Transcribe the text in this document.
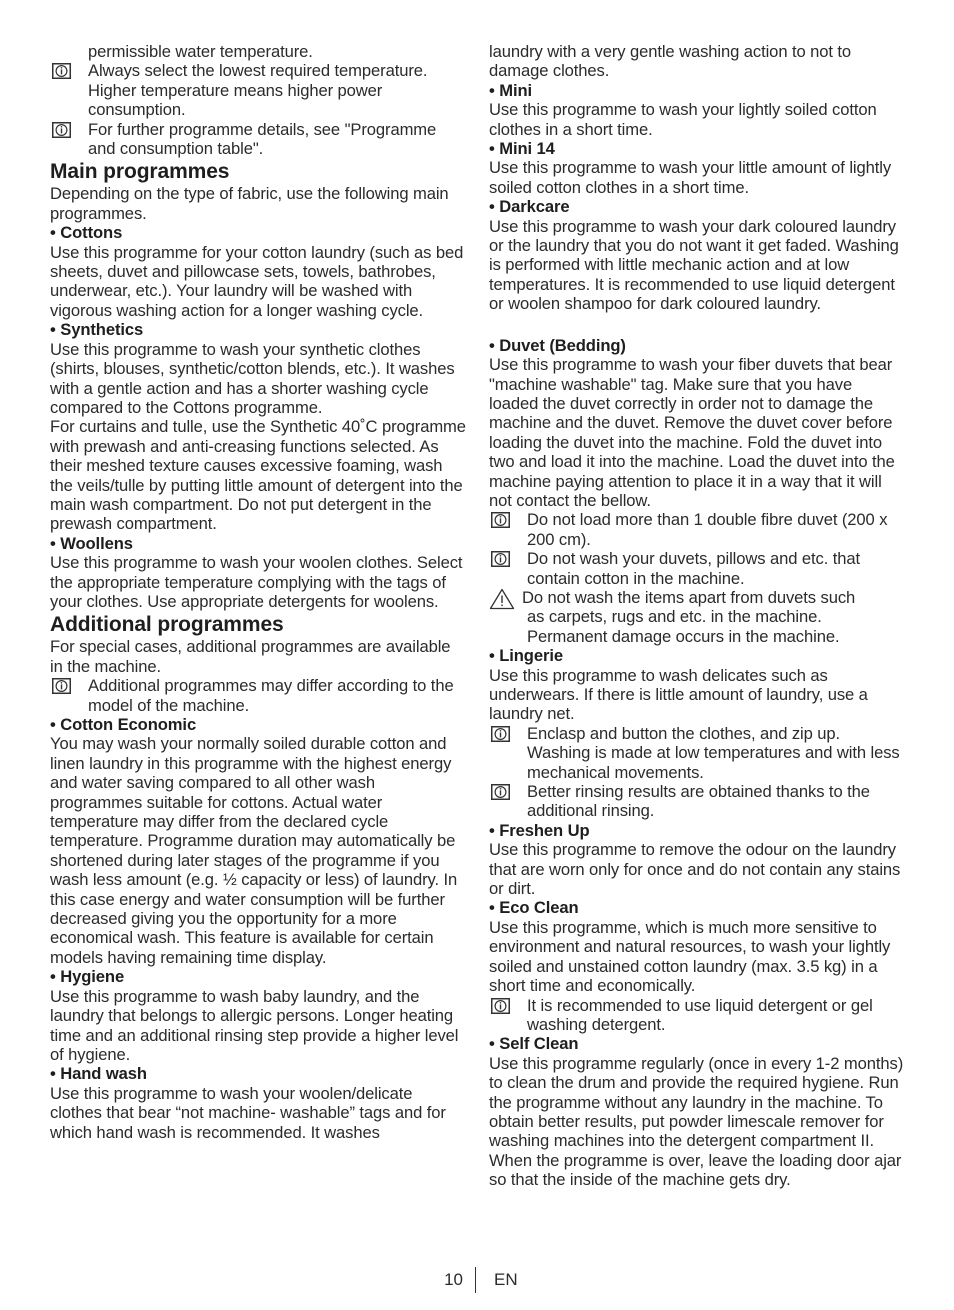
permissible water temperature.

Always select the lowest required temperature. Higher temperature means higher power consumption.
For further programme details, see "Programme and consumption table".

Main programmes

Depending on the type of fabric, use the following main programmes.

• Cottons

Use this programme for your cotton laundry (such as bed sheets, duvet and pillowcase sets, towels, bathrobes, underwear, etc.). Your laundry will be washed with vigorous washing action for a longer washing cycle.

• Synthetics

Use this programme to wash your synthetic clothes (shirts, blouses, synthetic/cotton blends, etc.). It washes with a gentle action and has a shorter washing cycle compared to the Cottons programme.

For curtains and tulle, use the Synthetic 40˚C programme with prewash and anti-creasing functions selected. As their meshed texture causes excessive foaming, wash the veils/tulle by putting little amount of detergent into the main wash compartment. Do not put detergent in the prewash compartment.

• Woollens

Use this programme to wash your woolen clothes. Select the appropriate temperature complying with the tags of your clothes. Use appropriate detergents for woolens.

Additional programmes

For special cases, additional programmes are available in the machine.

Additional programmes may differ according to the model of the machine.

• Cotton Economic

You may wash your normally soiled durable cotton and linen laundry in this programme with the highest energy and water saving compared to all other wash programmes suitable for cottons. Actual water temperature may differ from the declared cycle temperature. Programme duration may automatically be shortened during later stages of the programme if you wash less amount (e.g. ½ capacity or less) of laundry. In this case energy and water consumption will be further decreased giving you the opportunity for a more economical wash. This feature is available for certain models having remaining time display.

• Hygiene

Use this programme to wash baby laundry, and the laundry that belongs to allergic persons. Longer heating time and an additional rinsing step provide a higher level of hygiene.

• Hand wash

Use this programme to wash your woolen/delicate clothes that bear “not machine- washable” tags and for which hand wash is recommended. It washes

laundry with a very gentle washing action to not to damage clothes.

• Mini

Use this programme to wash your lightly soiled cotton clothes in a short time.

• Mini 14

Use this programme to wash your little amount of lightly soiled cotton clothes in a short time.

• Darkcare

Use this programme to wash your dark coloured laundry or the laundry that you do not want it get faded. Washing is performed with little mechanic action and at low temperatures. It is recommended to use liquid detergent or woolen shampoo for dark coloured laundry.

• Duvet (Bedding)

Use this programme to wash your fiber duvets that bear "machine washable" tag. Make sure that you have loaded the duvet correctly in order not to damage the machine and the duvet. Remove the duvet cover before loading the duvet into the machine. Fold the duvet into two and load it into the machine. Load the duvet into the machine paying attention to place it in a way that it will not contact the bellow.

Do not load more than 1 double fibre duvet (200 x 200 cm).
Do not wash your duvets, pillows and etc. that contain cotton in the machine.
Do not wash the items apart from duvets such
as carpets, rugs and etc. in the machine. Permanent damage occurs in the machine.

• Lingerie

Use this programme to wash delicates such as underwears. If there is little amount of laundry, use a laundry net.

Enclasp and button the clothes, and zip up. Washing is made at low temperatures and with less mechanical movements.
Better rinsing results are obtained thanks to the additional rinsing.

• Freshen Up

Use this programme to remove the odour on the laundry that are worn only for once and do not contain any stains or dirt.

• Eco Clean

Use this programme, which is much more sensitive to environment and natural resources, to wash your lightly soiled and unstained cotton laundry (max. 3.5 kg) in a short time and economically.

It is recommended to use liquid detergent or gel washing detergent.

• Self Clean

Use this programme regularly (once in every 1-2 months) to clean the drum and provide the required hygiene. Run the programme without any laundry in the machine. To obtain better results, put powder limescale remover for washing machines into the detergent compartment II. When the programme is over, leave the loading door ajar so that the inside of the machine gets dry.

10 EN
